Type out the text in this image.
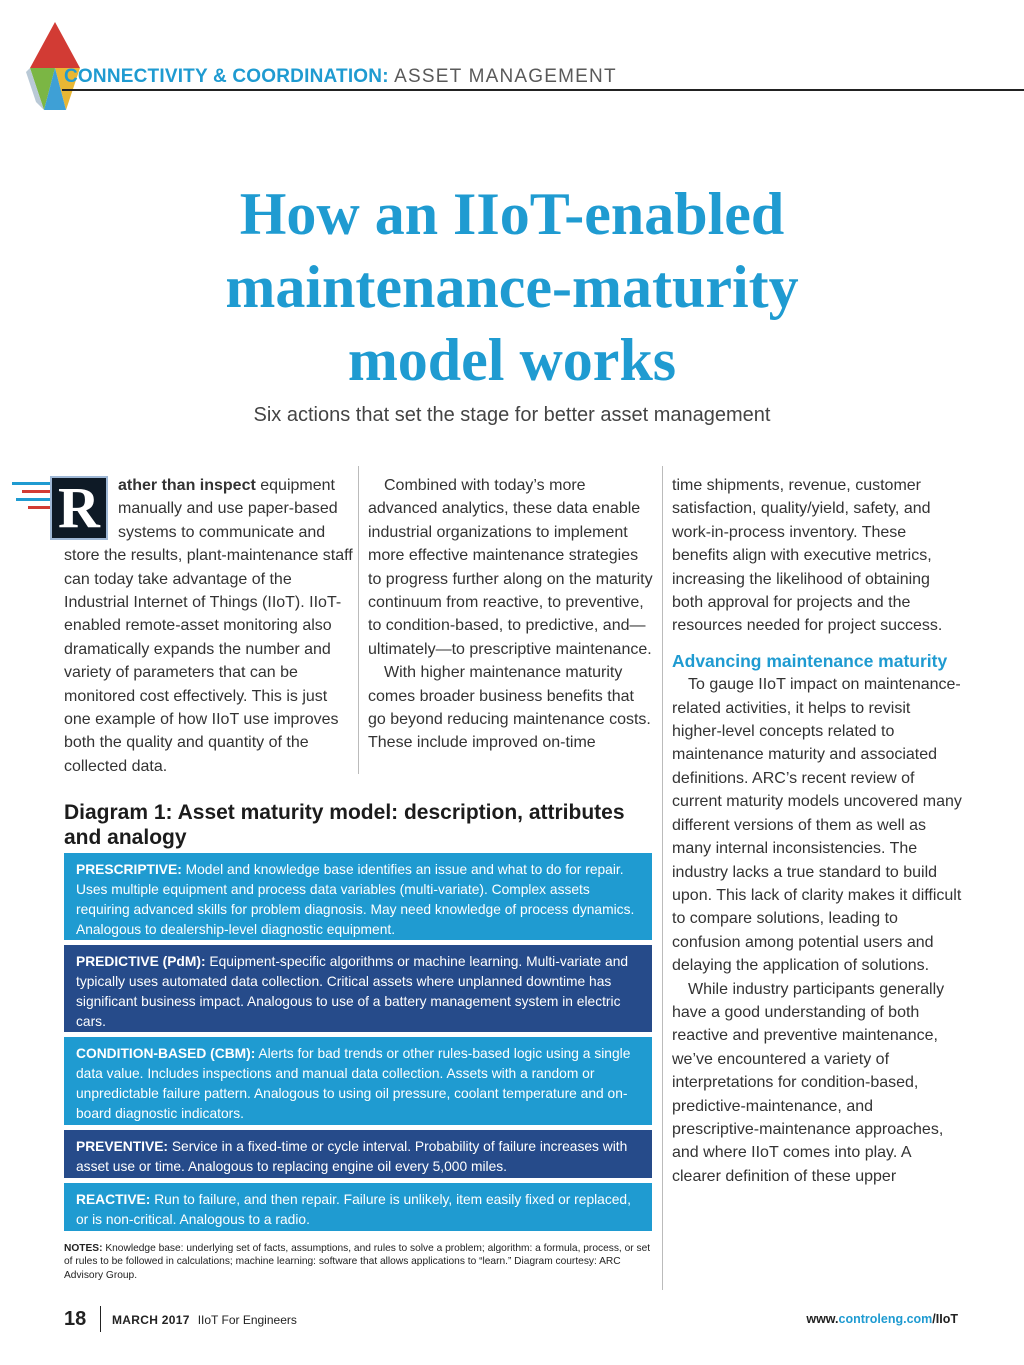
CONNECTIVITY & COORDINATION: ASSET MANAGEMENT
How an IIoT-enabled maintenance-maturity model works
Six actions that set the stage for better asset management
R	ather than inspect equipment manually and use paper-based systems to communicate and store the results, plant-maintenance staff can today take advantage of the Industrial Internet of Things (IIoT). IIoT-enabled remote-asset monitoring also dramatically expands the number and variety of parameters that can be monitored cost effectively. This is just one example of how IIoT use improves both the quality and quantity of the collected data.

Combined with today’s more advanced analytics, these data enable industrial organizations to implement more effective maintenance strategies to progress further along on the maturity continuum from reactive, to preventive, to condition-based, to predictive, and—ultimately—to prescriptive maintenance.

With higher maintenance maturity comes broader business benefits that go beyond reducing maintenance costs. These include improved on-time

time shipments, revenue, customer satisfaction, quality/yield, safety, and work-in-process inventory. These benefits align with executive metrics, increasing the likelihood of obtaining both approval for projects and the resources needed for project success.

Advancing maintenance maturity

To gauge IIoT impact on maintenance-related activities, it helps to revisit higher-level concepts related to maintenance maturity and associated definitions. ARC’s recent review of current maturity models uncovered many different versions of them as well as many internal inconsistencies. The industry lacks a true standard to build upon. This lack of clarity makes it difficult to compare solutions, leading to confusion among potential users and delaying the application of solutions.

While industry participants generally have a good understanding of both reactive and preventive maintenance, we’ve encountered a variety of interpretations for condition-based, predictive-maintenance, and prescriptive-maintenance approaches, and where IIoT comes into play. A clearer definition of these upper

Diagram 1: Asset maturity model: description, attributes and analogy
PRESCRIPTIVE: Model and knowledge base identifies an issue and what to do for repair. Uses multiple equipment and process data variables (multi-variate). Complex assets requiring advanced skills for problem diagnosis. May need knowledge of process dynamics. Analogous to dealership-level diagnostic equipment.
PREDICTIVE (PdM): Equipment-specific algorithms or machine learning. Multi-variate and typically uses automated data collection. Critical assets where unplanned downtime has significant business impact. Analogous to use of a battery management system in electric cars.
CONDITION-BASED (CBM): Alerts for bad trends or other rules-based logic using a single data value. Includes inspections and manual data collection. Assets with a random or unpredictable failure pattern. Analogous to using oil pressure, coolant temperature and on-board diagnostic indicators.
PREVENTIVE: Service in a fixed-time or cycle interval. Probability of failure increases with asset use or time. Analogous to replacing engine oil every 5,000 miles.
REACTIVE: Run to failure, and then repair. Failure is unlikely, item easily fixed or replaced, or is non-critical. Analogous to a radio.
NOTES: Knowledge base: underlying set of facts, assumptions, and rules to solve a problem; algorithm: a formula, process, or set of rules to be followed in calculations; machine learning: software that allows applications to “learn.” Diagram courtesy: ARC Advisory Group.
18 MARCH 2017 IIoT For Engineers	www.controleng.com/IIoT
